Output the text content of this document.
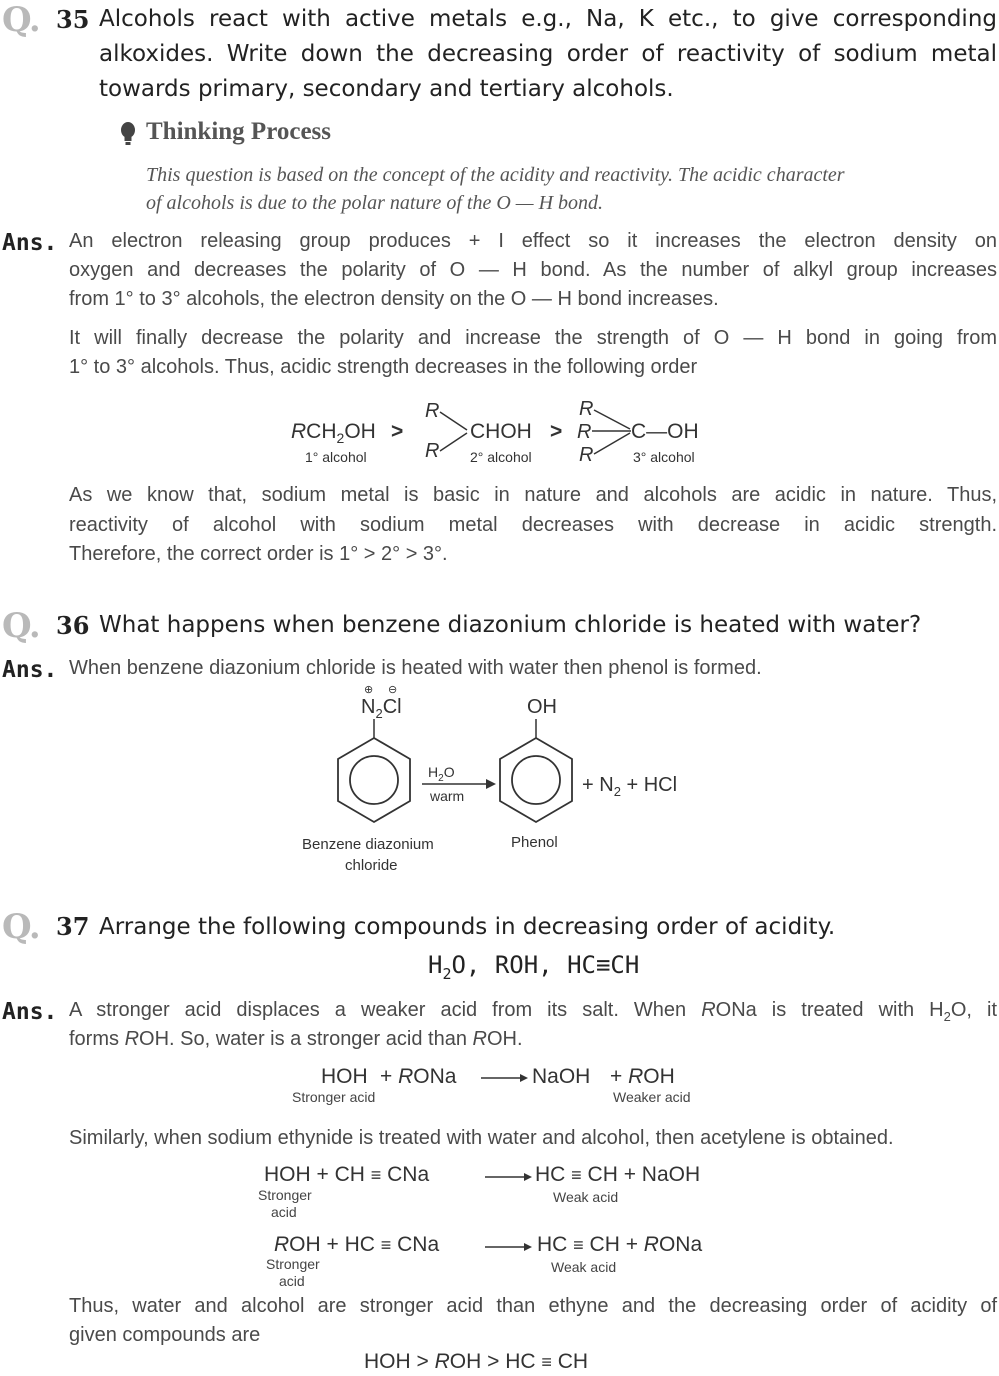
Q. 35 Alcohols react with active metals e.g., Na, K etc., to give corresponding
alkoxides. Write down the decreasing order of reactivity of sodium metal
towards primary, secondary and tertiary alcohols.
Thinking Process
This question is based on the concept of the acidity and reactivity. The acidic character
of alcohols is due to the polar nature of the O — H bond.
Ans. An electron releasing group produces + I effect so it increases the electron density on
oxygen and decreases the polarity of O — H bond. As the number of alkyl group increases
from 1° to 3° alcohols, the electron density on the O — H bond increases.
It will finally decrease the polarity and increase the strength of O — H bond in going from
1° to 3° alcohols. Thus, acidic strength decreases in the following order
$RCH_2OH$ >
1° alcohol
R
R
CHOH >
2° alcohol
R
R
R
C—OH
3° alcohol
As we know that, sodium metal is basic in nature and alcohols are acidic in nature. Thus,
reactivity of alcohol with sodium metal decreases with decrease in acidic strength.
Therefore, the correct order is 1° > 2° > 3°.
Q. 36 What happens when benzene diazonium chloride is heated with water?
Ans. When benzene diazonium chloride is heated with water then phenol is formed.
⊕ ⊖
$N_2Cl$
$H_2O$
warm
OH
+ $N_2$ + HCl
Benzene diazonium
chloride
Phenol
Q. 37 Arrange the following compounds in decreasing order of acidity.
$H_2O$, ROH, HC≡CH
Ans. A stronger acid displaces a weaker acid from its salt. When RONa is treated with $H_2O$, it
forms ROH. So, water is a stronger acid than ROH.
HOH + RONa → NaOH + ROH
Stronger acid	Weaker acid
Similarly, when sodium ethynide is treated with water and alcohol, then acetylene is obtained.
HOH + CH ≡ CNa	→ HC ≡ CH + NaOH
Stronger
acid
Weak acid
ROH + HC ≡ CNa	→ HC ≡ CH + RONa
Stronger
acid
Weak acid
Thus, water and alcohol are stronger acid than ethyne and the decreasing order of acidity of
given compounds are
HOH > ROH > HC ≡ CH
